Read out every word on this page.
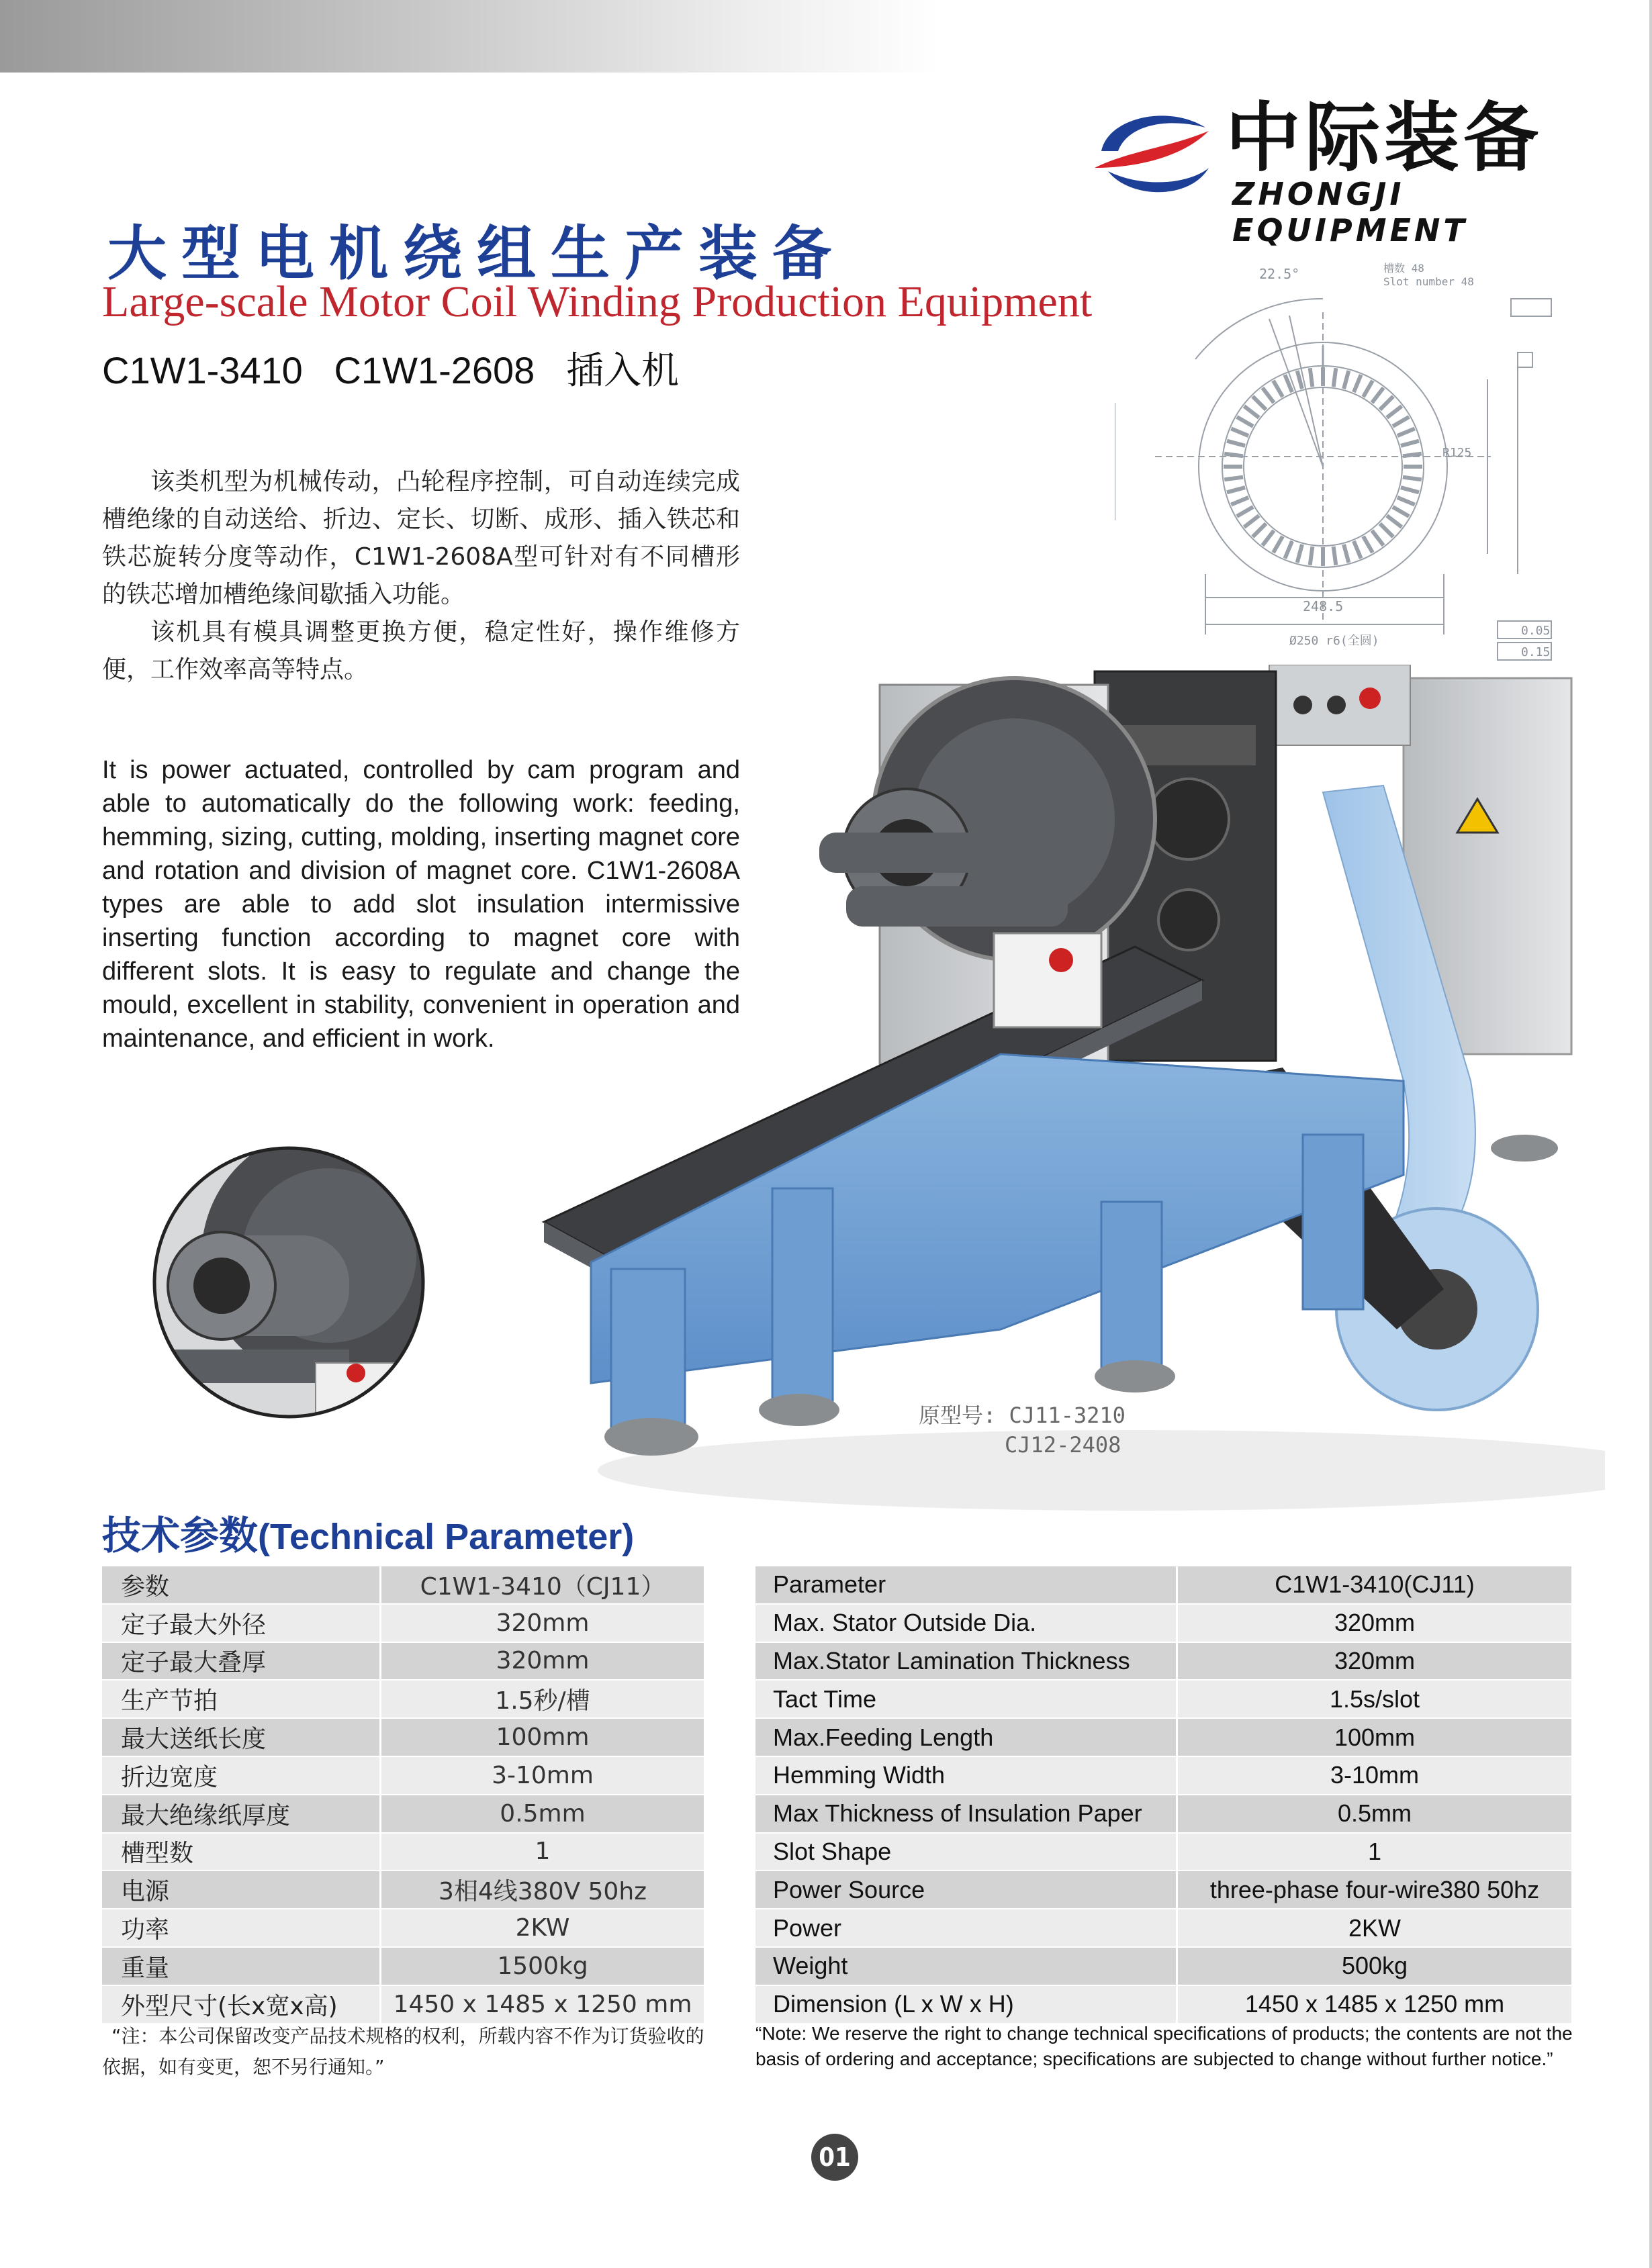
中际装备
ZHONGJI EQUIPMENT
大型电机绕组生产装备
Large-scale Motor Coil Winding Production Equipment
C1W1-3410   C1W1-2608   插入机

该类机型为机械传动，凸轮程序控制，可自动连续完成槽绝缘的自动送给、折边、定长、切断、成形、插入铁芯和铁芯旋转分度等动作，C1W1-2608A型可针对有不同槽形的铁芯增加槽绝缘间歇插入功能。

该机具有模具调整更换方便，稳定性好，操作维修方便，工作效率高等特点。

It is power actuated, controlled by cam program and able to automatically do the following work: feeding, hemming, sizing, cutting, molding, inserting magnet core and rotation and division of magnet core. C1W1-2608A types are able to add slot insulation intermissive inserting function according to magnet core with different slots. It is easy to regulate and change the mould, excellent in stability, convenient in operation and maintenance, and efficient in work.
22.5°	槽数 48
Slot number 48
248.5
Ø250 r6(全圆)
R125
0.05
0.15
原型号: CJ11-3210
CJ12-2408
技术参数(Technical Parameter)
参数	C1W1-3410（CJ11）
定子最大外径	320mm
定子最大叠厚	320mm
生产节拍	1.5秒/槽
最大送纸长度	100mm
折边宽度	3-10mm
最大绝缘纸厚度	0.5mm
槽型数	1
电源	3相4线380V 50hz
功率	2KW
重量	1500kg
外型尺寸(长x宽x高)	1450 x 1485 x 1250 mm
Parameter	C1W1-3410(CJ11)
Max. Stator Outside Dia.	320mm
Max.Stator Lamination Thickness	320mm
Tact Time	1.5s/slot
Max.Feeding Length	100mm
Hemming Width	3-10mm
Max Thickness of Insulation Paper	0.5mm
Slot Shape	1
Power Source	three-phase four-wire380 50hz
Power	2KW
Weight	500kg
Dimension (L x W x H)	1450 x 1485 x 1250 mm
“注：本公司保留改变产品技术规格的权利，所载内容不作为订货验收的依据，如有变更，恕不另行通知。”
“Note: We reserve the right to change technical specifications of products; the contents are not the basis of ordering and acceptance; specifications are subjected to change without further notice.”
01
